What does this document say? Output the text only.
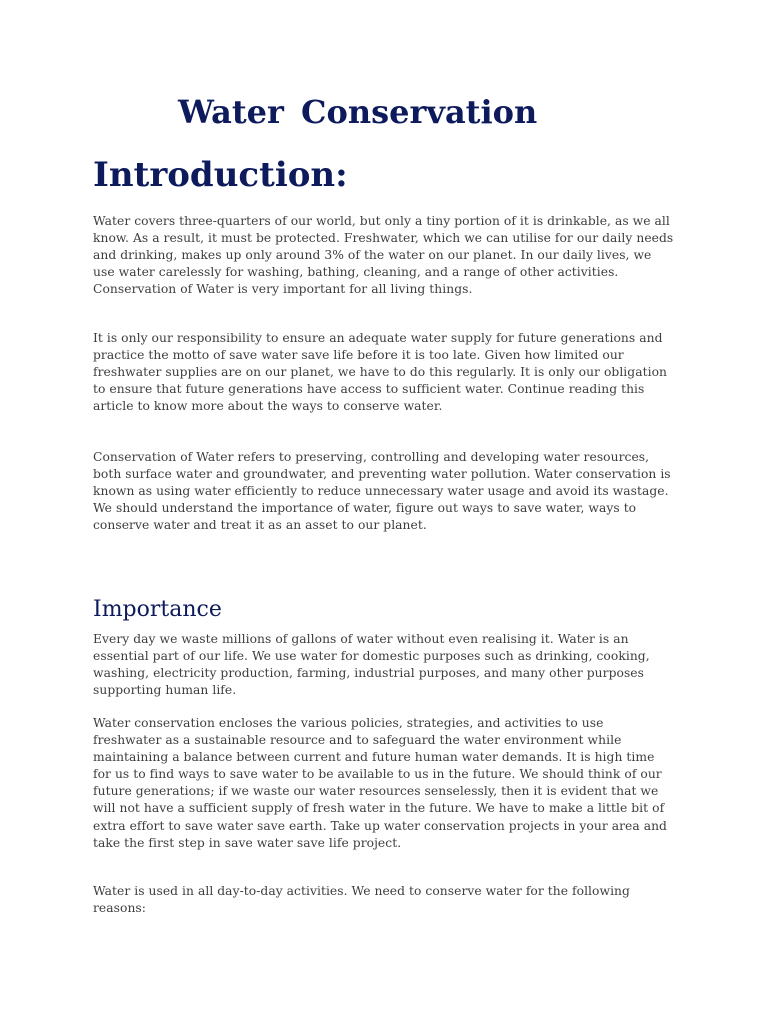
Water Conservation
Introduction:

Water covers three-quarters of our world, but only a tiny portion of it is drinkable, as we all know. As a result, it must be protected. Freshwater, which we can utilise for our daily needs and drinking, makes up only around 3% of the water on our planet. In our daily lives, we use water carelessly for washing, bathing, cleaning, and a range of other activities. Conservation of Water is very important for all living things.

It is only our responsibility to ensure an adequate water supply for future generations and practice the motto of save water save life before it is too late. Given how limited our freshwater supplies are on our planet, we have to do this regularly. It is only our obligation to ensure that future generations have access to sufficient water. Continue reading this article to know more about the ways to conserve water.

Conservation of Water refers to preserving, controlling and developing water resources, both surface water and groundwater, and preventing water pollution. Water conservation is known as using water efficiently to reduce unnecessary water usage and avoid its wastage. We should understand the importance of water, figure out ways to save water, ways to conserve water and treat it as an asset to our planet.

Importance

Every day we waste millions of gallons of water without even realising it. Water is an essential part of our life. We use water for domestic purposes such as drinking, cooking, washing, electricity production, farming, industrial purposes, and many other purposes supporting human life.

Water conservation encloses the various policies, strategies, and activities to use freshwater as a sustainable resource and to safeguard the water environment while maintaining a balance between current and future human water demands. It is high time for us to find ways to save water to be available to us in the future. We should think of our future generations; if we waste our water resources senselessly, then it is evident that we will not have a sufficient supply of fresh water in the future. We have to make a little bit of extra effort to save water save earth. Take up water conservation projects in your area and take the first step in save water save life project.

Water is used in all day-to-day activities. We need to conserve water for the following reasons:
